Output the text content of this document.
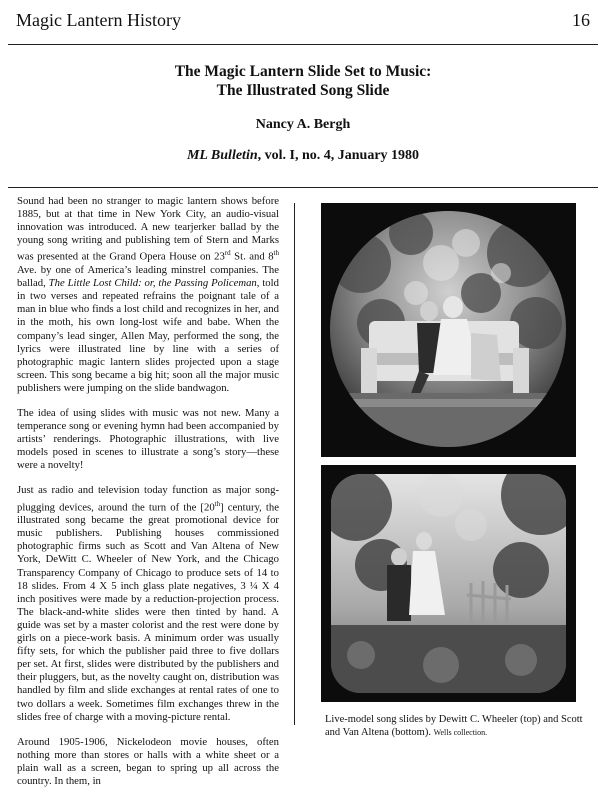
Magic Lantern History	16
The Magic Lantern Slide Set to Music:
The Illustrated Song Slide
Nancy A. Bergh
ML Bulletin, vol. I, no. 4, January 1980

Sound had been no stranger to magic lantern shows before 1885, but at that time in New York City, an audio-visual innovation was introduced. A new tearjerker ballad by the young song writing and publishing tem of Stern and Marks was presented at the Grand Opera House on 23rd St. and 8th Ave. by one of America’s leading minstrel companies. The ballad, The Little Lost Child: or, the Passing Policeman, told in two verses and repeated refrains the poignant tale of a man in blue who finds a lost child and recognizes in her, and in the moth, his own long-lost wife and babe. When the company’s lead singer, Allen May, performed the song, the lyrics were illustrated line by line with a series of photographic magic lantern slides projected upon a stage screen. This song became a big hit; soon all the major music publishers were jumping on the slide bandwagon.

The idea of using slides with music was not new. Many a temperance song or evening hymn had been accompanied by artists’ renderings. Photographic illustrations, with live models posed in scenes to illustrate a song’s story—these were a novelty!

Just as radio and television today function as major song-plugging devices, around the turn of the [20th] century, the illustrated song became the great promotional device for music publishers. Publishing houses commissioned photographic firms such as Scott and Van Altena of New York, DeWitt C. Wheeler of New York, and the Chicago Transparency Company of Chicago to produce sets of 14 to 18 slides. From 4 X 5 inch glass plate negatives, 3 ¼ X 4 inch positives were made by a reduction-projection process. The black-and-white slides were then tinted by hand. A guide was set by a master colorist and the rest were done by girls on a piece-work basis. A minimum order was usually fifty sets, for which the publisher paid three to five dollars per set. At first, slides were distributed by the publishers and their pluggers, but, as the novelty caught on, distribution was handled by film and slide exchanges at rental rates of one to two dollars a week. Sometimes film exchanges threw in the slides free of charge with a moving-picture rental.

Around 1905-1906, Nickelodeon movie houses, often nothing more than stores or halls with a white sheet or a plain wall as a screen, began to spring up all across the country. In them, in

Live-model song slides by Dewitt C. Wheeler (top) and Scott and Van Altena (bottom). Wells collection.
